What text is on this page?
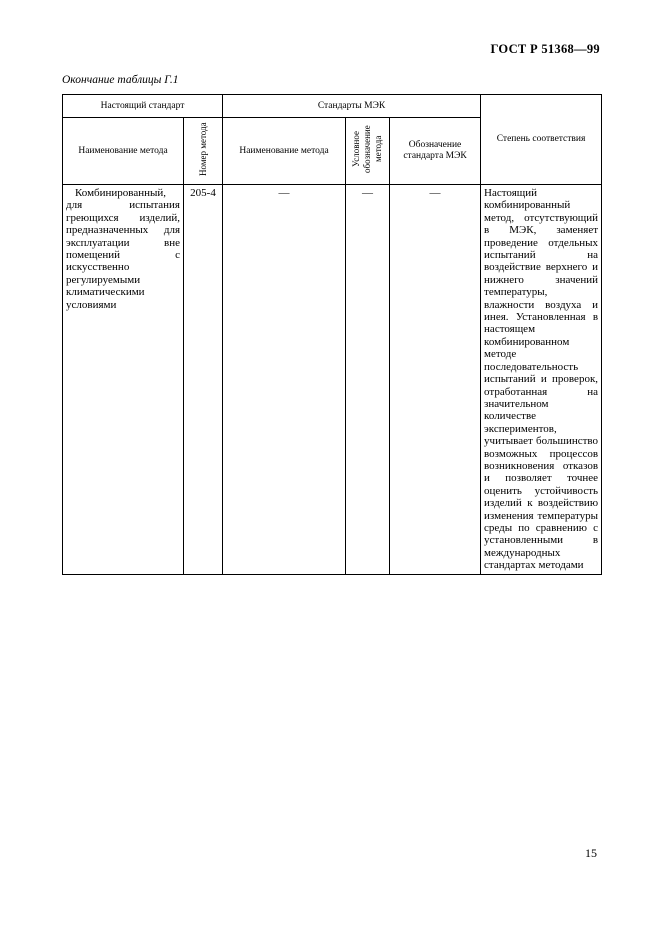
ГОСТ Р 51368—99
Окончание таблицы Г.1
Настоящий стандарт		Стандарты МЭК			Степень соответствия
Наименование метода	Номер метода	Наименование метода	Условное обозначение метода	Обозначение стандарта МЭК	
Комбинированный, для испытания греющихся изделий, предназначенных для эксплуатации вне помещений с искусственно регулируемыми климатическими условиями	205-4	—	—	—	Настоящий комбинированный метод, отсутствующий в МЭК, заменяет проведение отдельных испытаний на воздействие верхнего и нижнего значений температуры, влажности воздуха и инея. Установленная в настоящем комбинированном методе последовательность испытаний и проверок, отработанная на значительном количестве экспериментов, учитывает большинство возможных процессов возникновения отказов и позволяет точнее оценить устойчивость изделий к воздействию изменения температуры среды по сравнению с установленными в международных стандартах методами
15
